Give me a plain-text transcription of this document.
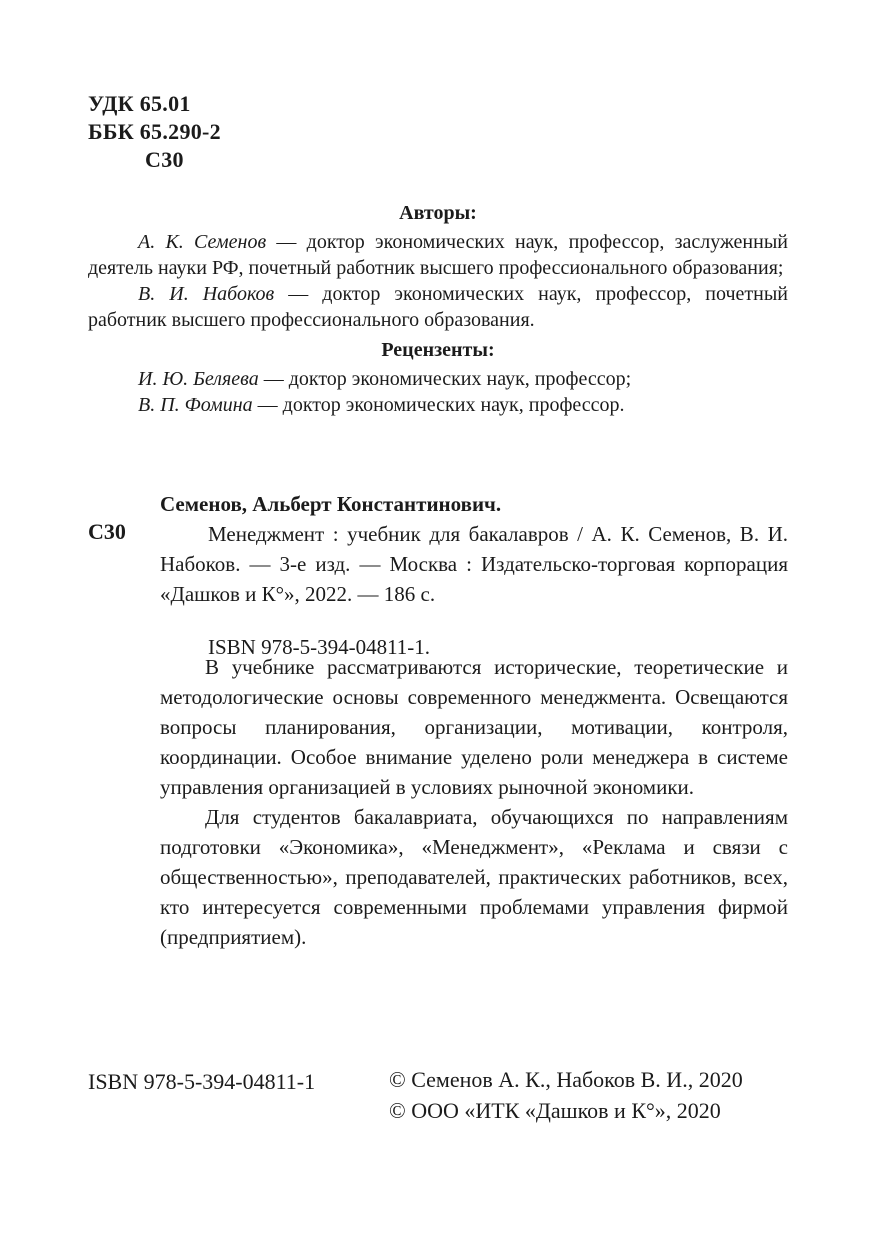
УДК 65.01
ББК 65.290-2
С30
Авторы:

А. К. Семенов — доктор экономических наук, профессор, заслуженный деятель науки РФ, почетный работник высшего профессионального образования;

В. И. Набоков — доктор экономических наук, профессор, почетный работник высшего профессионального образования.

Рецензенты:

И. Ю. Беляева — доктор экономических наук, профессор;

В. П. Фомина — доктор экономических наук, профессор.

С30

Семенов, Альберт Константинович.

Менеджмент : учебник для бакалавров / А. К. Семенов, В. И. Набоков. — 3-е изд. — Москва : Издательско-торговая корпорация «Дашков и К°», 2022. — 186 с.

ISBN 978-5-394-04811-1.

В учебнике рассматриваются исторические, теоретические и методологические основы современного менеджмента. Освещаются вопросы планирования, организации, мотивации, контроля, координации. Особое внимание уделено роли менеджера в системе управления организацией в условиях рыночной экономики.

Для студентов бакалавриата, обучающихся по направлениям подготовки «Экономика», «Менеджмент», «Реклама и связи с общественностью», преподавателей, практических работников, всех, кто интересуется современными проблемами управления фирмой (предприятием).

ISBN 978-5-394-04811-1	© Семенов А. К., Набоков В. И., 2020

© ООО «ИТК «Дашков и К°», 2020
